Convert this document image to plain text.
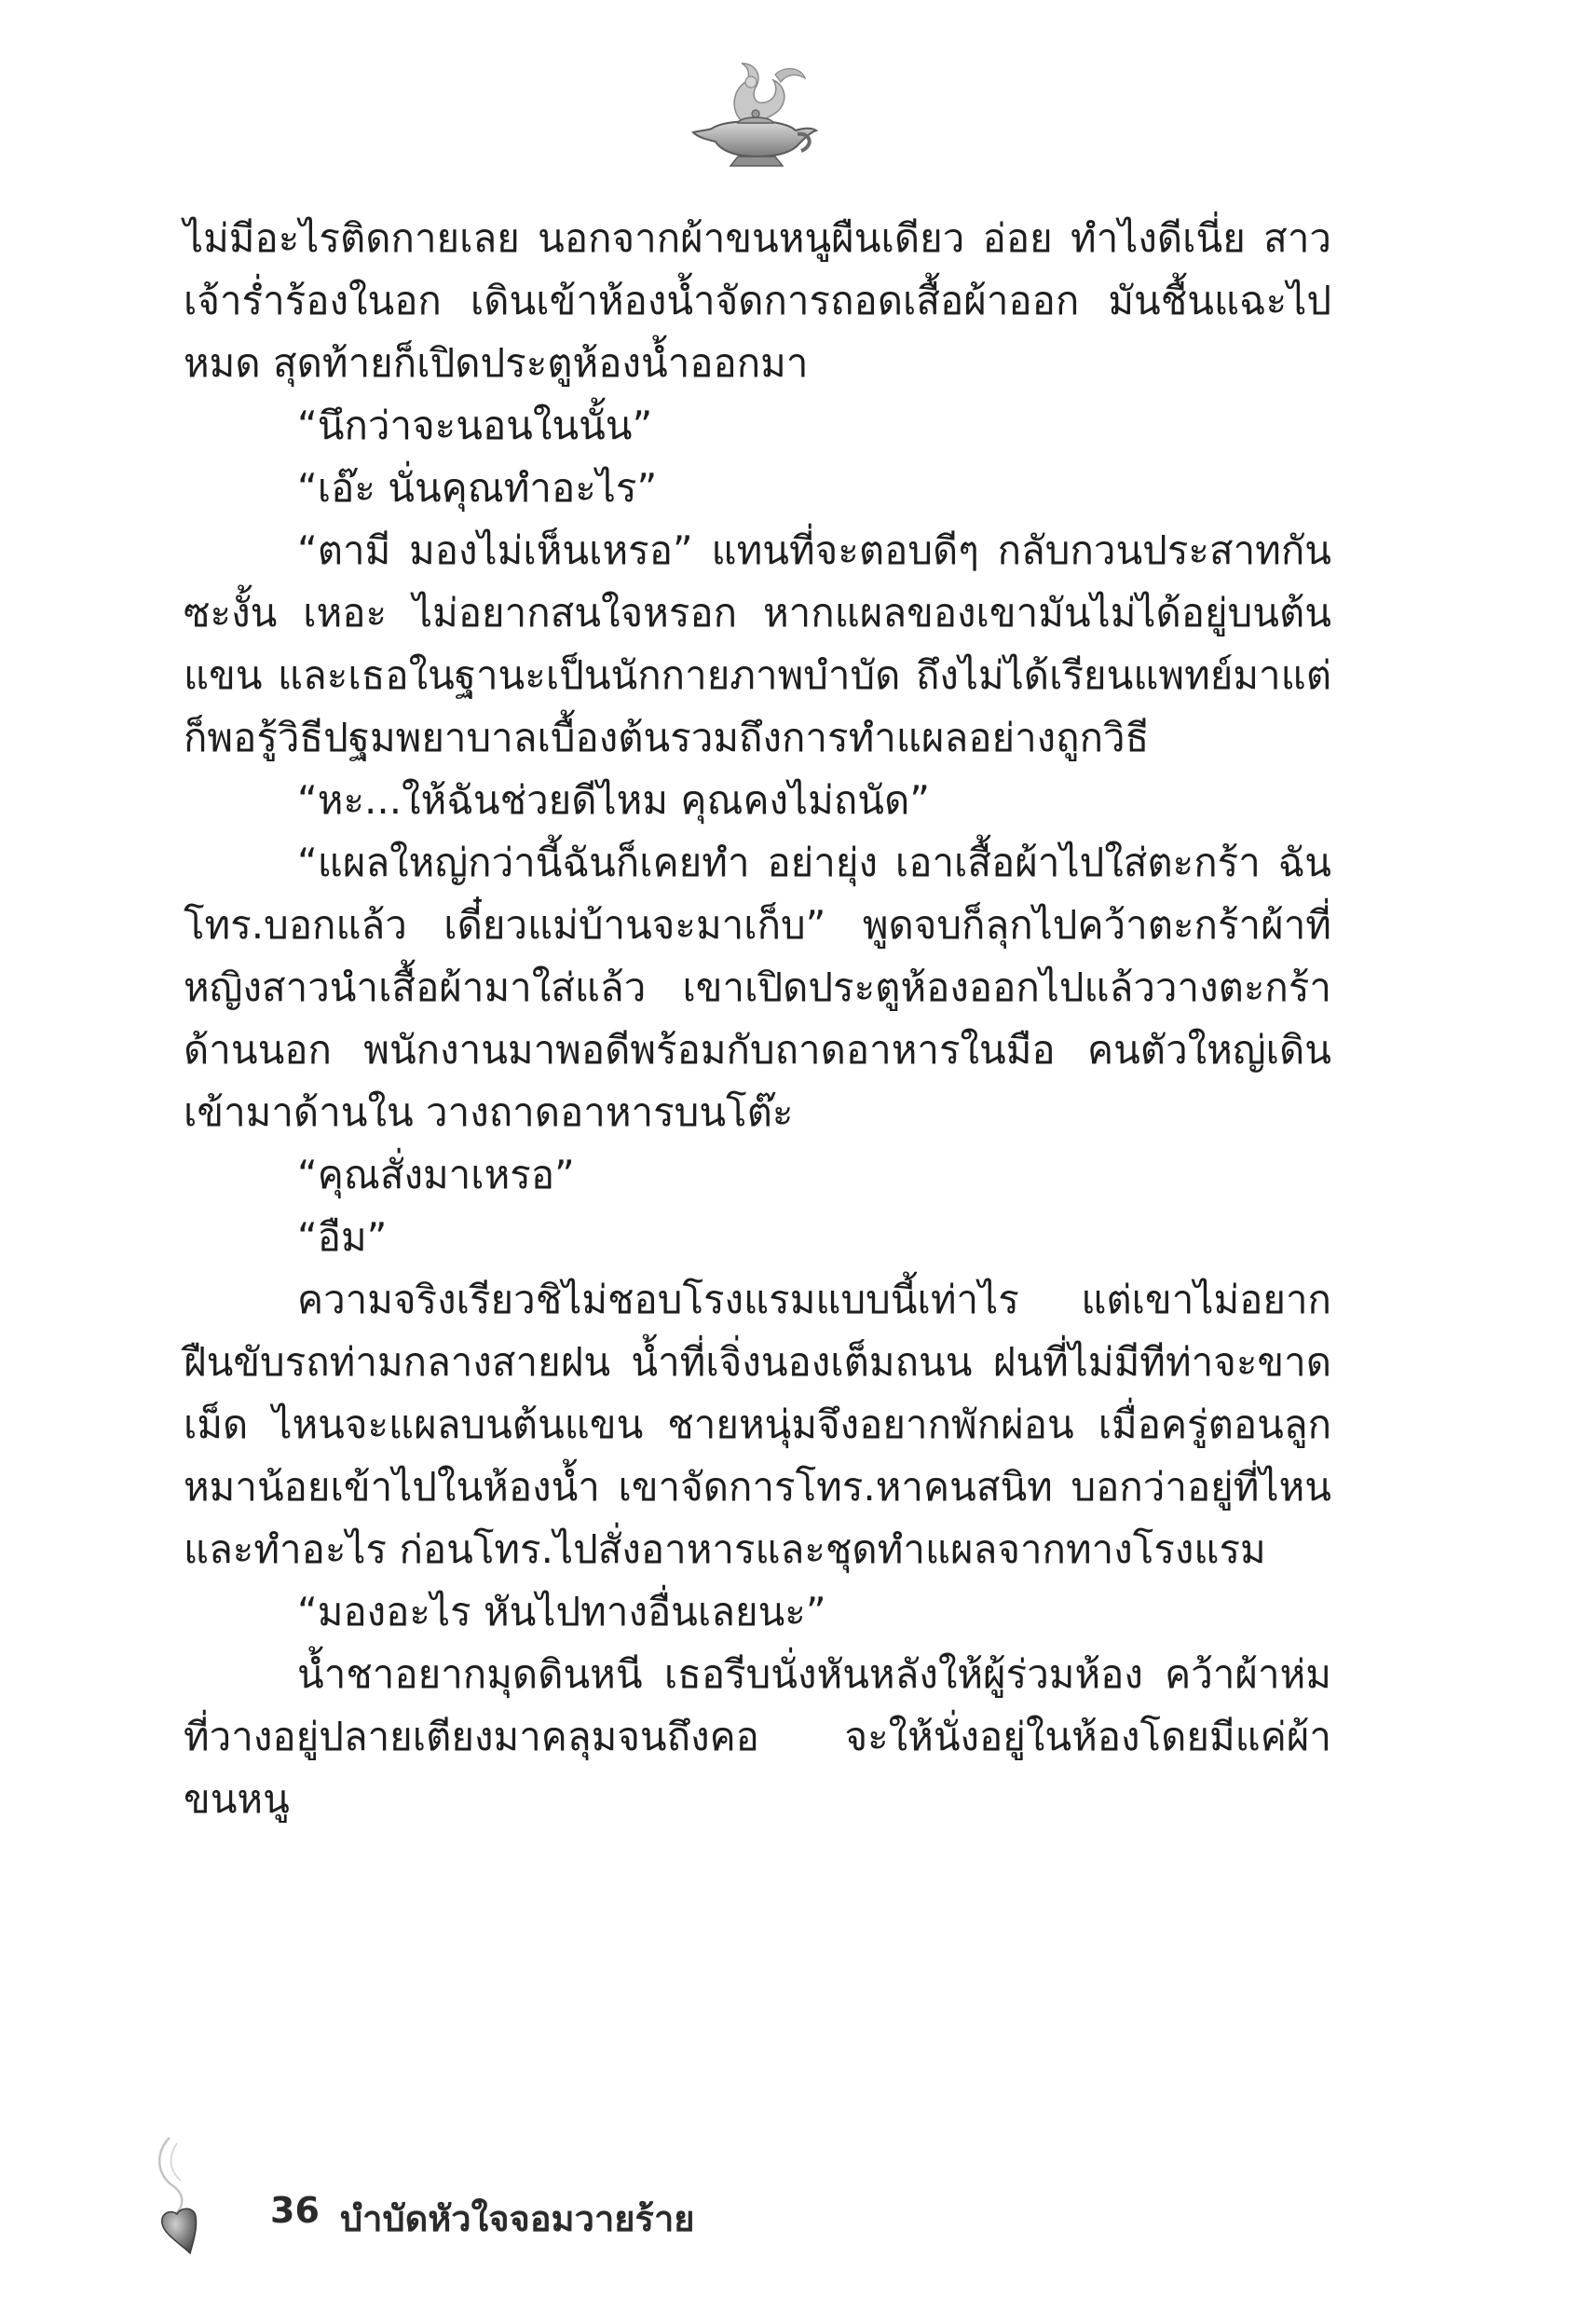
ไม่มีอะไรติดกายเลย นอกจากผ้าขนหนูผืนเดียว อ่อย ทำไงดีเนี่ย สาวเจ้าร่ำร้องในอก เดินเข้าห้องน้ำจัดการถอดเสื้อผ้าออก มันชื้นแฉะไปหมด สุดท้ายก็เปิดประตูห้องน้ำออกมา

“นึกว่าจะนอนในนั้น”

“เอ๊ะ นั่นคุณทำอะไร”

“ตามี มองไม่เห็นเหรอ” แทนที่จะตอบดีๆ กลับกวนประสาทกันซะงั้น เหอะ ไม่อยากสนใจหรอก หากแผลของเขามันไม่ได้อยู่บนต้นแขน และเธอในฐานะเป็นนักกายภาพบำบัด ถึงไม่ได้เรียนแพทย์มาแต่ก็พอรู้วิธีปฐมพยาบาลเบื้องต้นรวมถึงการทำแผลอย่างถูกวิธี

“หะ...ให้ฉันช่วยดีไหม คุณคงไม่ถนัด”

“แผลใหญ่กว่านี้ฉันก็เคยทำ อย่ายุ่ง เอาเสื้อผ้าไปใส่ตะกร้า ฉันโทร.บอกแล้ว เดี๋ยวแม่บ้านจะมาเก็บ” พูดจบก็ลุกไปคว้าตะกร้าผ้าที่หญิงสาวนำเสื้อผ้ามาใส่แล้ว เขาเปิดประตูห้องออกไปแล้ววางตะกร้าด้านนอก พนักงานมาพอดีพร้อมกับถาดอาหารในมือ คนตัวใหญ่เดินเข้ามาด้านใน วางถาดอาหารบนโต๊ะ

“คุณสั่งมาเหรอ”

“อืม”

ความจริงเรียวชิไม่ชอบโรงแรมแบบนี้เท่าไร แต่เขาไม่อยากฝืนขับรถท่ามกลางสายฝน น้ำที่เจิ่งนองเต็มถนน ฝนที่ไม่มีทีท่าจะขาดเม็ด ไหนจะแผลบนต้นแขน ชายหนุ่มจึงอยากพักผ่อน เมื่อครู่ตอนลูกหมาน้อยเข้าไปในห้องน้ำ เขาจัดการโทร.หาคนสนิท บอกว่าอยู่ที่ไหนและทำอะไร ก่อนโทร.ไปสั่งอาหารและชุดทำแผลจากทางโรงแรม

“มองอะไร หันไปทางอื่นเลยนะ”

น้ำชาอยากมุดดินหนี เธอรีบนั่งหันหลังให้ผู้ร่วมห้อง คว้าผ้าห่มที่วางอยู่ปลายเตียงมาคลุมจนถึงคอ จะให้นั่งอยู่ในห้องโดยมีแค่ผ้าขนหนู

36 บำบัดหัวใจจอมวายร้าย
